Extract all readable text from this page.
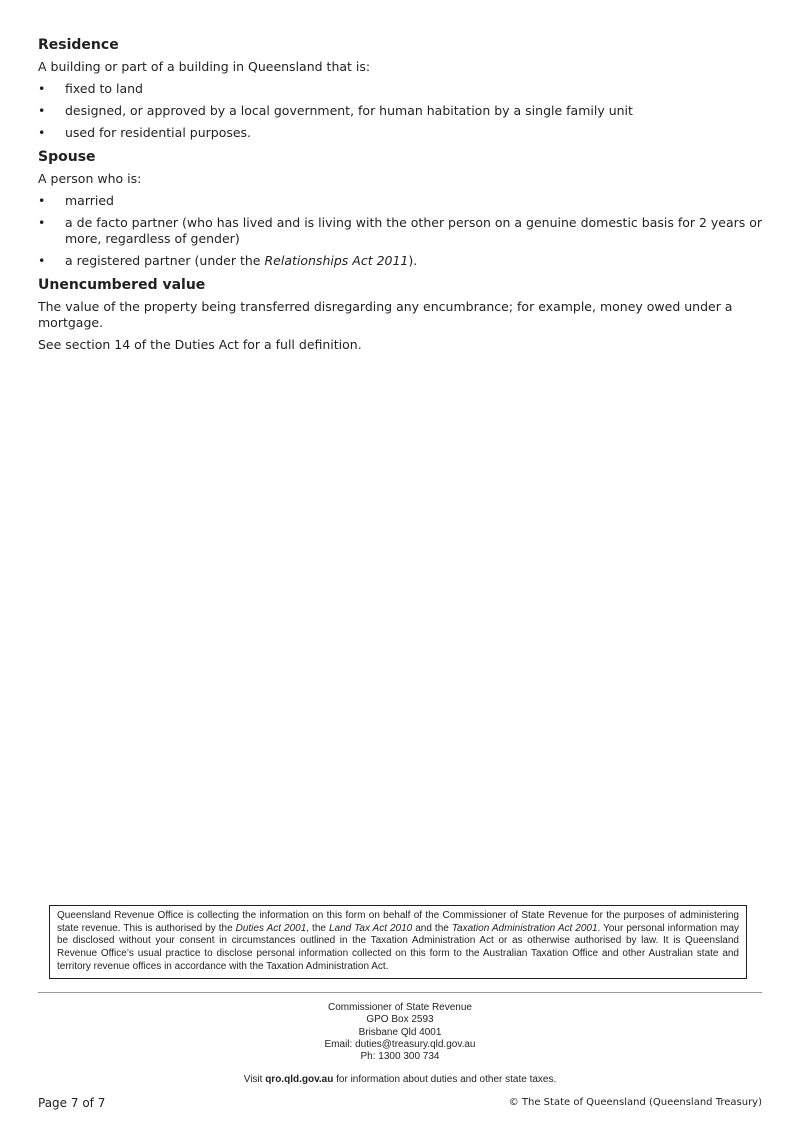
Residence

A building or part of a building in Queensland that is:

• fixed to land
• designed, or approved by a local government, for human habitation by a single family unit
• used for residential purposes.
Spouse

A person who is:

• married
• a de facto partner (who has lived and is living with the other person on a genuine domestic basis for 2 years or more, regardless of gender)
• a registered partner (under the Relationships Act 2011).
Unencumbered value

The value of the property being transferred disregarding any encumbrance; for example, money owed under a mortgage.

See section 14 of the Duties Act for a full definition.

Queensland Revenue Office is collecting the information on this form on behalf of the Commissioner of State Revenue for the purposes of administering state revenue. This is authorised by the Duties Act 2001, the Land Tax Act 2010 and the Taxation Administration Act 2001. Your personal information may be disclosed without your consent in circumstances outlined in the Taxation Administration Act or as otherwise authorised by law. It is Queensland Revenue Office’s usual practice to disclose personal information collected on this form to the Australian Taxation Office and other Australian state and territory revenue offices in accordance with the Taxation Administration Act.
Commissioner of State Revenue
GPO Box 2593
Brisbane Qld 4001
Email: duties@treasury.qld.gov.au
Ph: 1300 300 734
Visit qro.qld.gov.au for information about duties and other state taxes.
Page 7 of 7	© The State of Queensland (Queensland Treasury)
